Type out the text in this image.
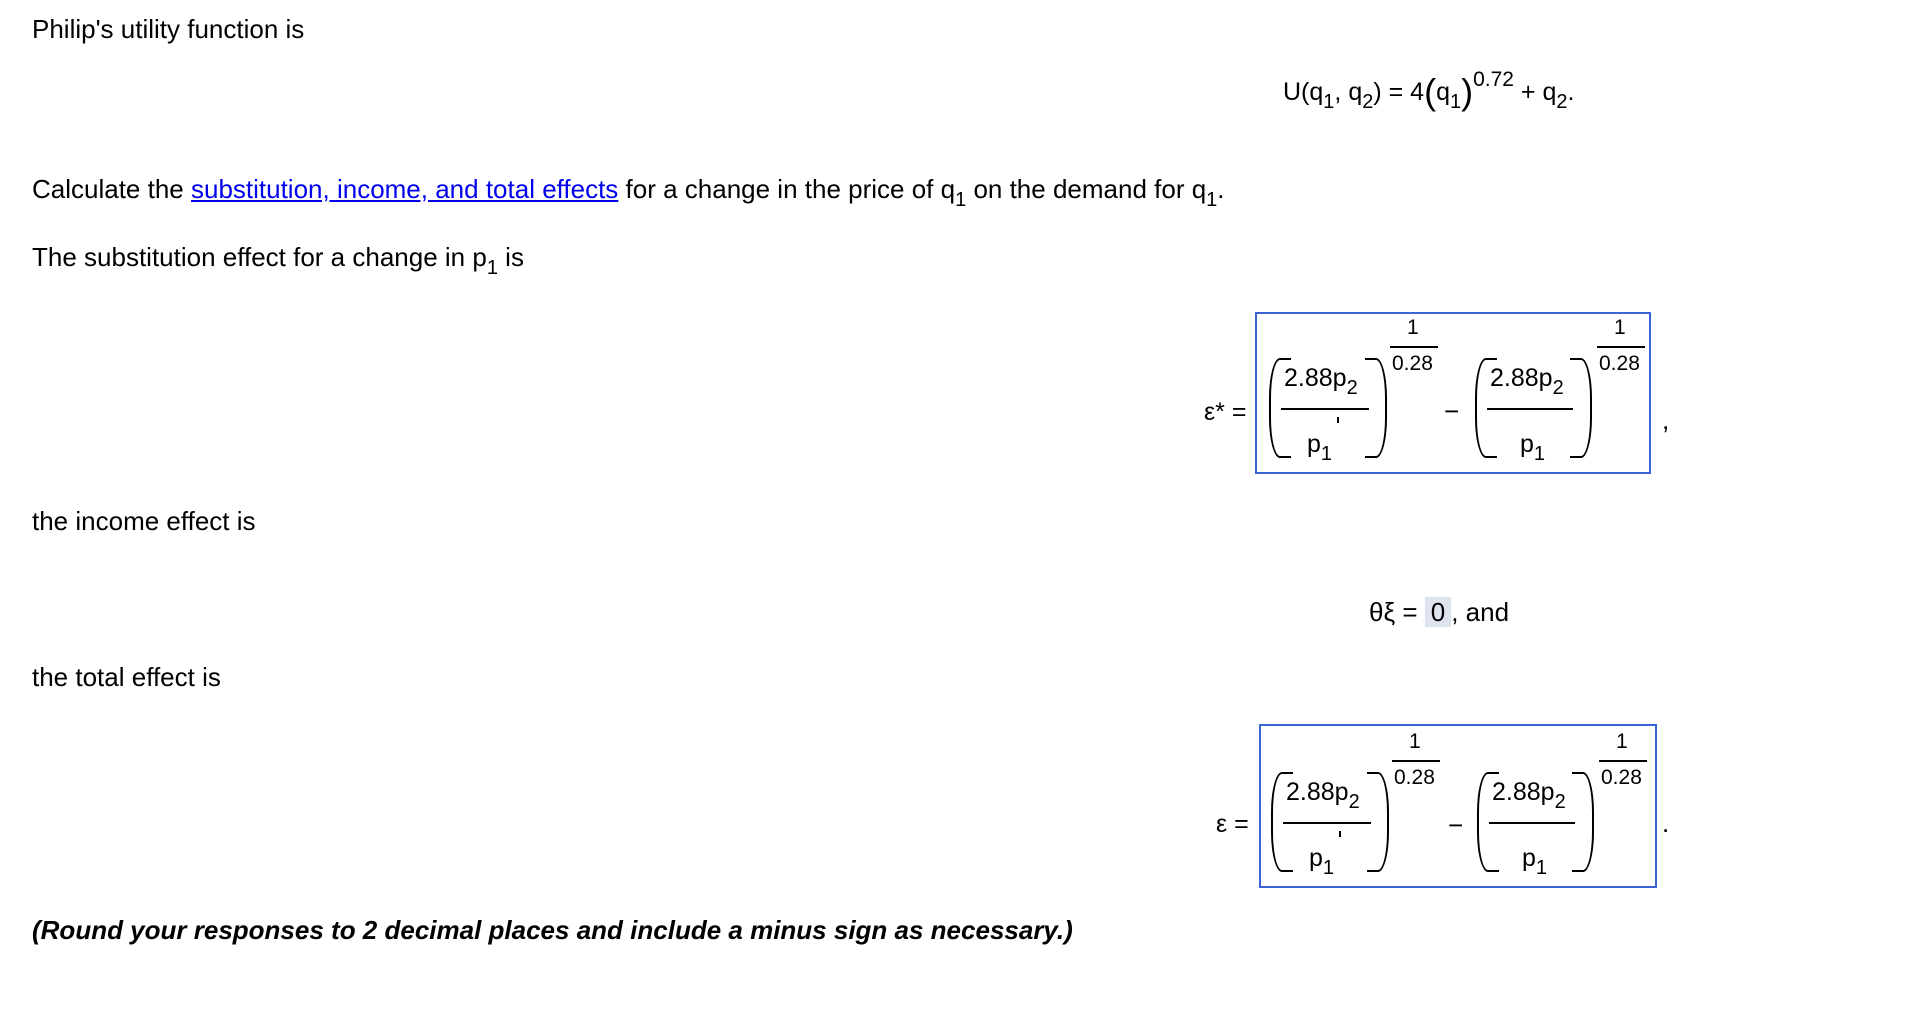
Philip's utility function is
$U(q_1$, $q_2) = 4(q_1)^{0.72} + q_2$.
Calculate the substitution, income, and total effects for a change in the price of $q_1$ on the demand for $q_1$.
The substitution effect for a change in $p_1$ is
ε* =
$2.88p_2$
$p_1$
1
0.28
−
$2.88p_2$
$p_1$
1
0.28
,
the income effect is
θξ = 0 , and
the total effect is
ε =
$2.88p_2$
$p_1$
1
0.28
−
$2.88p_2$
$p_1$
1
0.28
.
(Round your responses to 2 decimal places and include a minus sign as necessary.)
